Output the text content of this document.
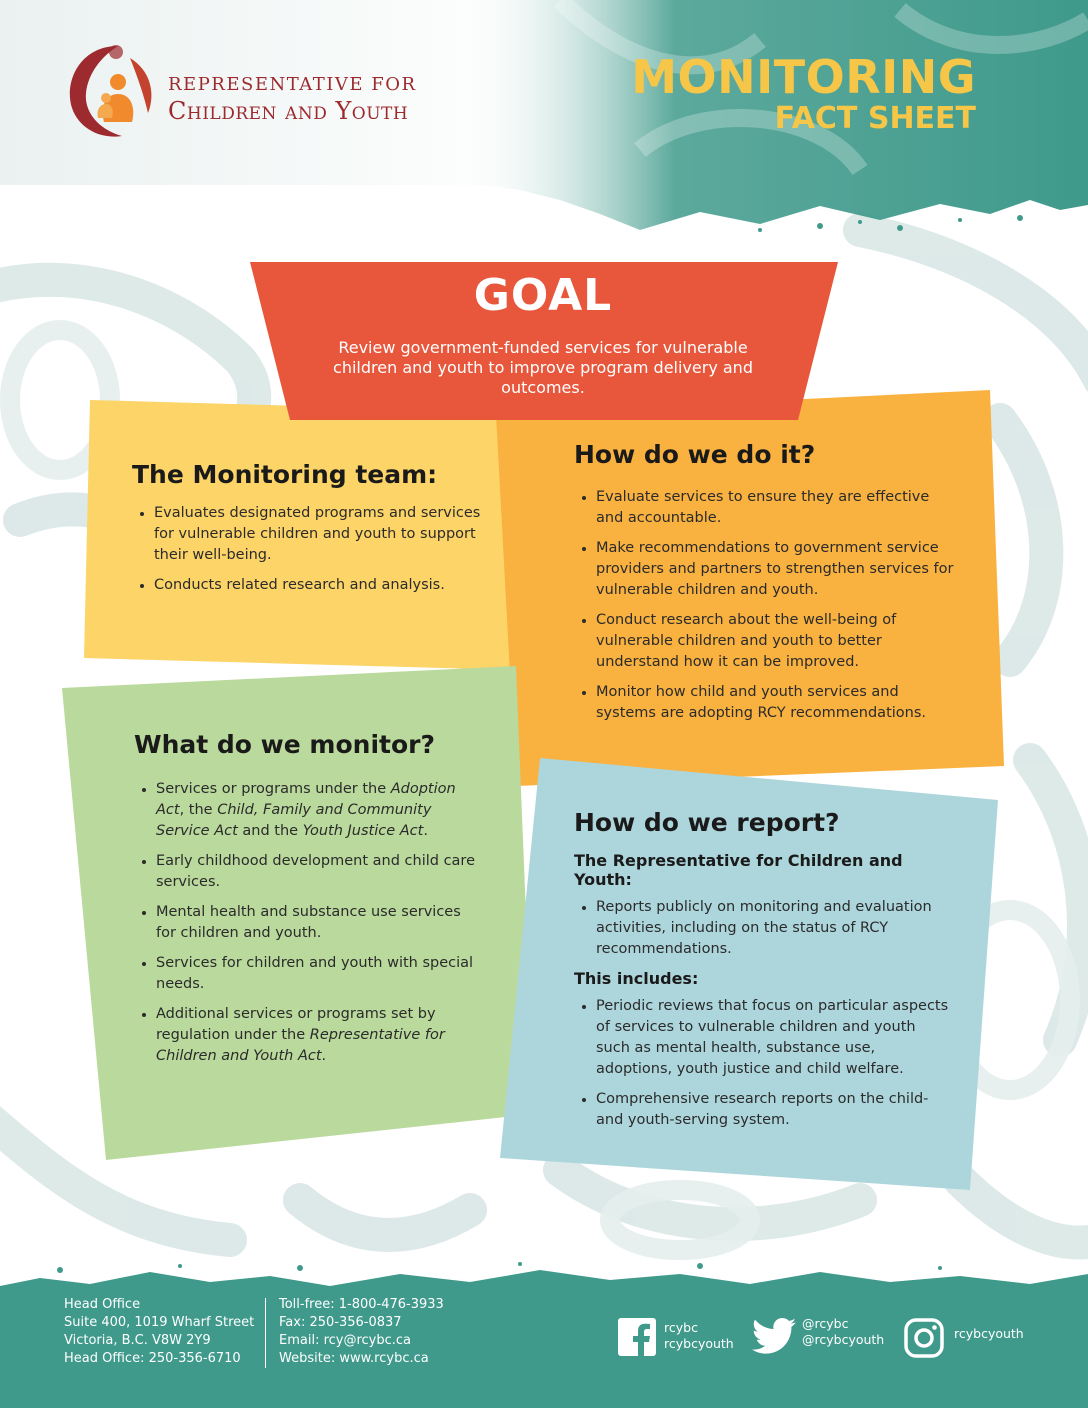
REPRESENTATIVE FOR
Children and Youth
MONITORING
FACT SHEET
The Monitoring team:
• Evaluates designated programs and services for vulnerable children and youth to support their well-being.
• Conducts related research and analysis.
How do we do it?
• Evaluate services to ensure they are effective and accountable.
• Make recommendations to government service providers and partners to strengthen services for vulnerable children and youth.
• Conduct research about the well-being of vulnerable children and youth to better understand how it can be improved.
• Monitor how child and youth services and systems are adopting RCY recommendations.
What do we monitor?
• Services or programs under the Adoption Act, the Child, Family and Community Service Act and the Youth Justice Act.
• Early childhood development and child care services.
• Mental health and substance use services for children and youth.
• Services for children and youth with special needs.
• Additional services or programs set by regulation under the Representative for Children and Youth Act.
How do we report?
The Representative for Children and Youth:
• Reports publicly on monitoring and evaluation activities, including on the status of RCY recommendations.
This includes:
• Periodic reviews that focus on particular aspects of services to vulnerable children and youth such as mental health, substance use, adoptions, youth justice and child welfare.
• Comprehensive research reports on the child- and youth-serving system.
GOAL
Review government-funded services for vulnerable children and youth to improve program delivery and outcomes.
Head Office
Suite 400, 1019 Wharf Street
Victoria, B.C. V8W 2Y9
Head Office: 250-356-6710
Toll-free: 1-800-476-3933
Fax: 250-356-0837
Email: rcy@rcybc.ca
Website: www.rcybc.ca
rcybc
rcybcyouth
@rcybc
@rcybcyouth	rcybcyouth
